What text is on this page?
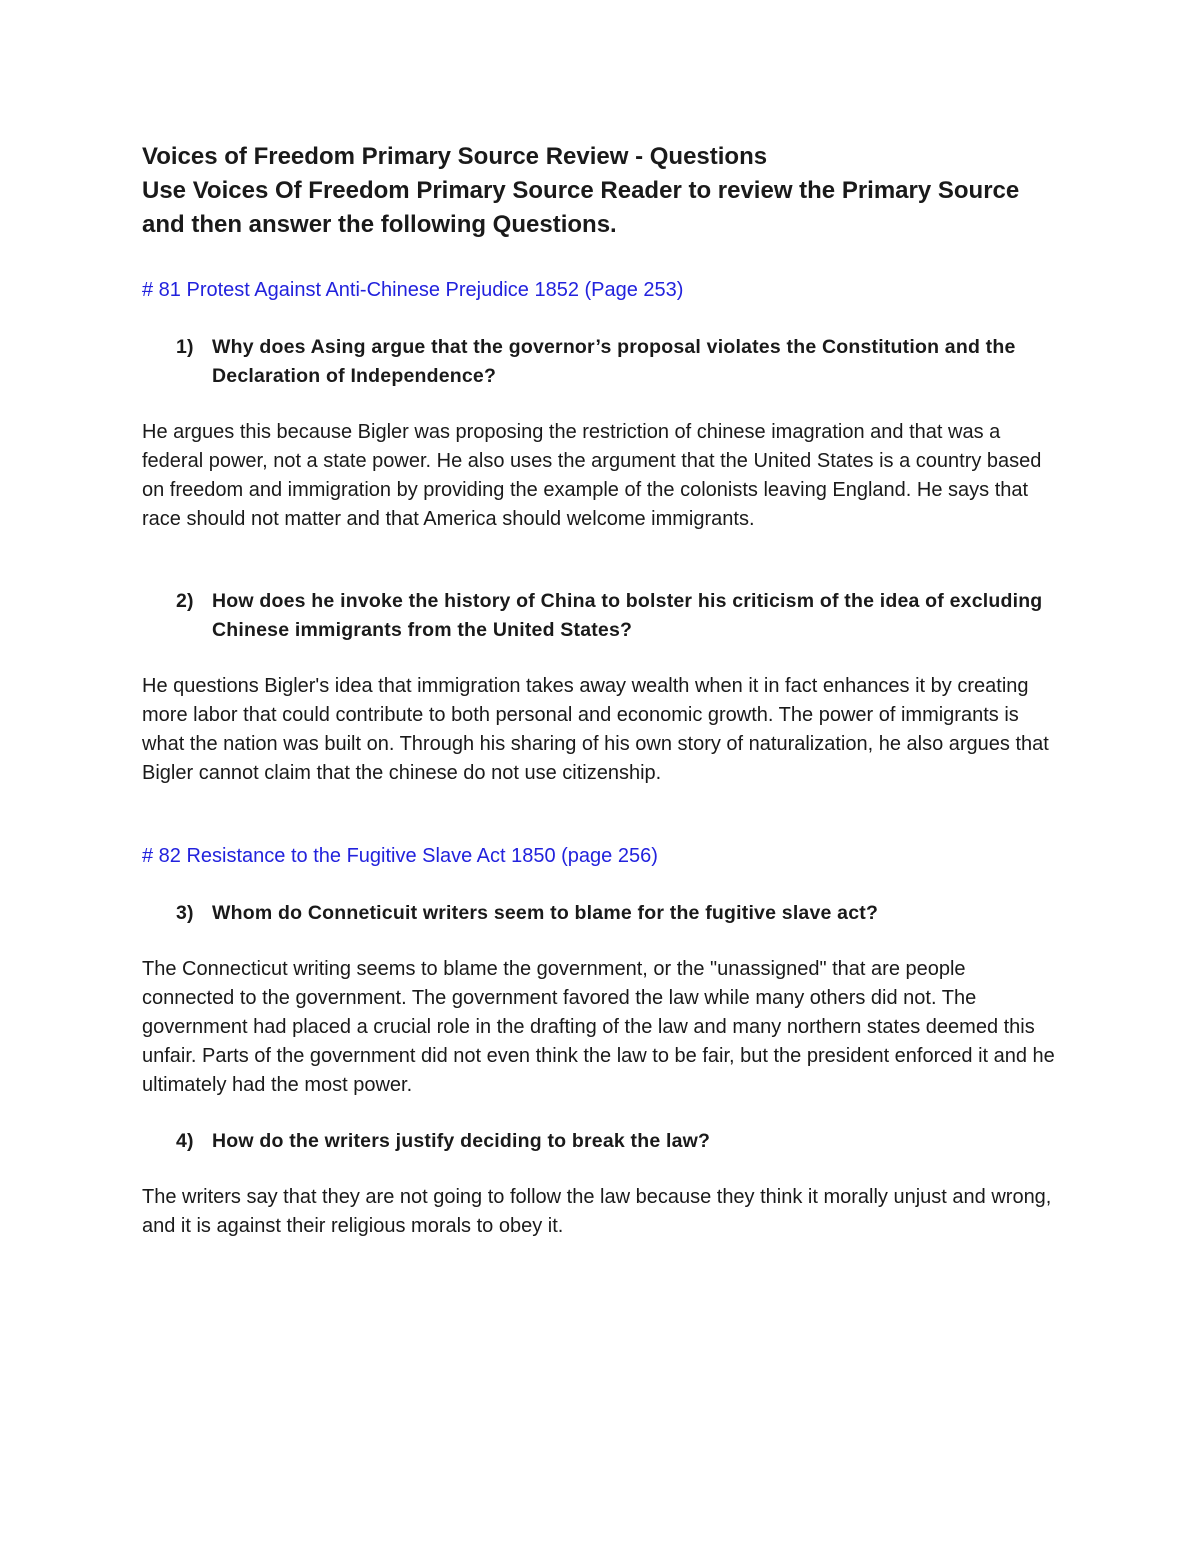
Voices of Freedom Primary Source Review - Questions

Use Voices Of Freedom Primary Source Reader to review the Primary Source and then answer the following Questions.

# 81 Protest Against Anti-Chinese Prejudice 1852 (Page 253)

1) Why does Asing argue that the governor’s proposal violates the Constitution and the Declaration of Independence?

He argues this because Bigler was proposing the restriction of chinese imagration and that was a federal power, not a state power. He also uses the argument that the United States is a country based on freedom and immigration by providing the example of the colonists leaving England. He says that race should not matter and that America should welcome immigrants.

2) How does he invoke the history of China to bolster his criticism of the idea of excluding Chinese immigrants from the United States?

He questions Bigler's idea that immigration takes away wealth when it in fact enhances it by creating more labor that could contribute to both personal and economic growth. The power of immigrants is what the nation was built on. Through his sharing of his own story of naturalization, he also argues that Bigler cannot claim that the chinese do not use citizenship.

# 82 Resistance to the Fugitive Slave Act 1850 (page 256)

3) Whom do Conneticuit writers seem to blame for the fugitive slave act?

The Connecticut writing seems to blame the government, or the "unassigned" that are people connected to the government. The government favored the law while many others did not. The government had placed a crucial role in the drafting of the law and many northern states deemed this unfair. Parts of the government did not even think the law to be fair, but the president enforced it and he ultimately had the most power.

4) How do the writers justify deciding to break the law?

The writers say that they are not going to follow the law because they think it morally unjust and wrong, and it is against their religious morals to obey it.
